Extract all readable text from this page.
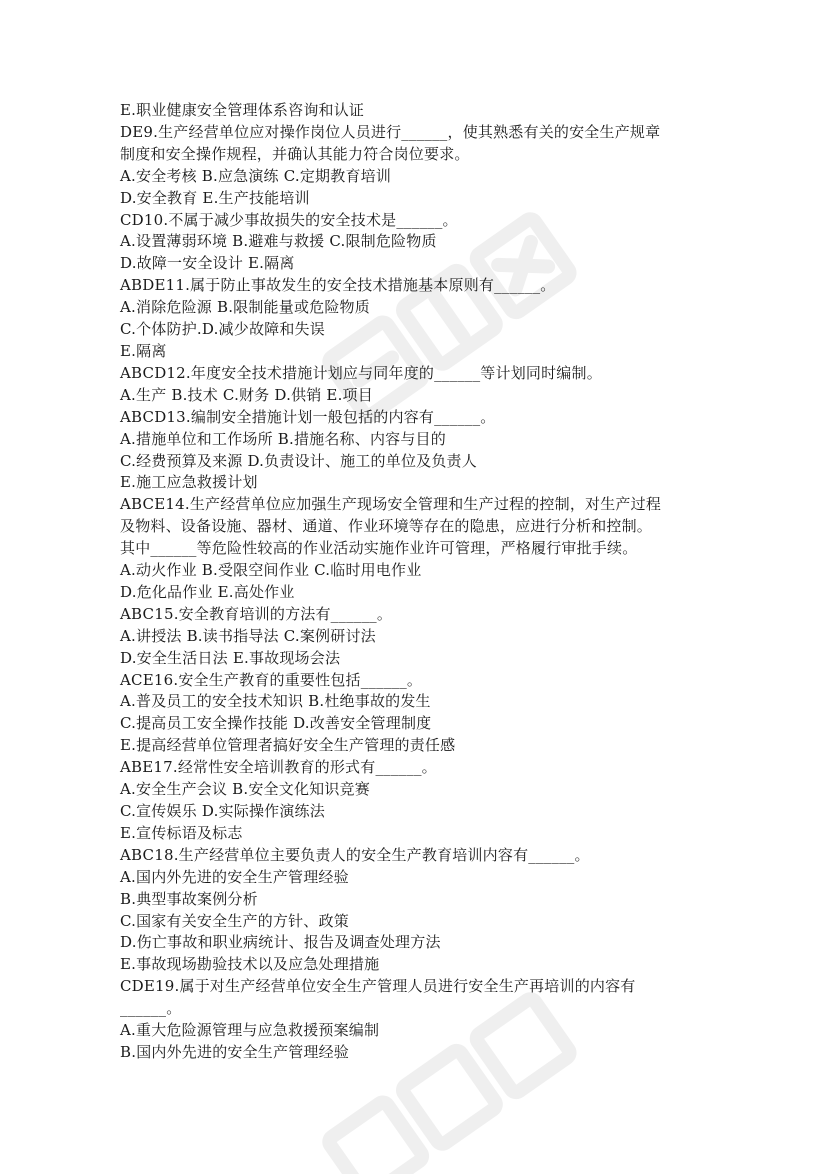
E.职业健康安全管理体系咨询和认证
DE9.生产经营单位应对操作岗位人员进行______，使其熟悉有关的安全生产规章
制度和安全操作规程，并确认其能力符合岗位要求。
A.安全考核 B.应急演练 C.定期教育培训
D.安全教育 E.生产技能培训
CD10.不属于减少事故损失的安全技术是______。
A.设置薄弱环境 B.避难与救援 C.限制危险物质
D.故障一安全设计 E.隔离
ABDE11.属于防止事故发生的安全技术措施基本原则有______。
A.消除危险源 B.限制能量或危险物质
C.个体防护.D.减少故障和失误
E.隔离
ABCD12.年度安全技术措施计划应与同年度的______等计划同时编制。
A.生产 B.技术 C.财务 D.供销 E.项目
ABCD13.编制安全措施计划一般包括的内容有______。
A.措施单位和工作场所 B.措施名称、内容与目的
C.经费预算及来源 D.负责设计、施工的单位及负责人
E.施工应急救援计划
ABCE14.生产经营单位应加强生产现场安全管理和生产过程的控制，对生产过程
及物料、设备设施、器材、通道、作业环境等存在的隐患，应进行分析和控制。
其中______等危险性较高的作业活动实施作业许可管理，严格履行审批手续。
A.动火作业 B.受限空间作业 C.临时用电作业
D.危化品作业 E.高处作业
ABC15.安全教育培训的方法有______。
A.讲授法 B.读书指导法 C.案例研讨法
D.安全生活日法 E.事故现场会法
ACE16.安全生产教育的重要性包括______。
A.普及员工的安全技术知识 B.杜绝事故的发生
C.提高员工安全操作技能 D.改善安全管理制度
E.提高经营单位管理者搞好安全生产管理的责任感
ABE17.经常性安全培训教育的形式有______。
A.安全生产会议 B.安全文化知识竞赛
C.宣传娱乐 D.实际操作演练法
E.宣传标语及标志
ABC18.生产经营单位主要负责人的安全生产教育培训内容有______。
A.国内外先进的安全生产管理经验
B.典型事故案例分析
C.国家有关安全生产的方针、政策
D.伤亡事故和职业病统计、报告及调查处理方法
E.事故现场勘验技术以及应急处理措施
CDE19.属于对生产经营单位安全生产管理人员进行安全生产再培训的内容有
______。
A.重大危险源管理与应急救援预案编制
B.国内外先进的安全生产管理经验
